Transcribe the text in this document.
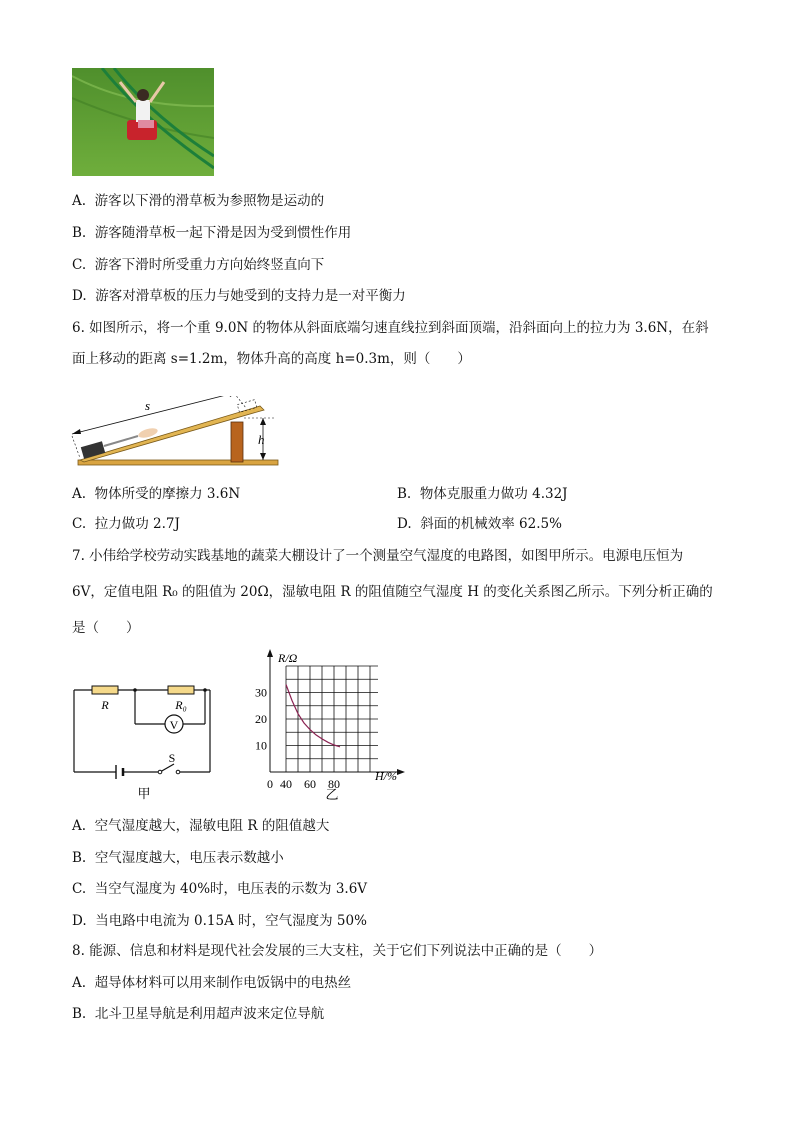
A. 游客以下滑的滑草板为参照物是运动的
B. 游客随滑草板一起下滑是因为受到惯性作用
C. 游客下滑时所受重力方向始终竖直向下
D. 游客对滑草板的压力与她受到的支持力是一对平衡力
6. 如图所示，将一个重 9.0N 的物体从斜面底端匀速直线拉到斜面顶端，沿斜面向上的拉力为 3.6N，在斜
面上移动的距离 s=1.2m，物体升高的高度 h=0.3m，则（　　）
s
h
A. 物体所受的摩擦力 3.6N	B. 物体克服重力做功 4.32J
C. 拉力做功 2.7J	D. 斜面的机械效率 62.5%
7. 小伟给学校劳动实践基地的蔬菜大棚设计了一个测量空气湿度的电路图，如图甲所示。电源电压恒为
6V，定值电阻 R₀ 的阻值为 20Ω，湿敏电阻 R 的阻值随空气湿度 H 的变化关系图乙所示。下列分析正确的
是（　　）
V
R	R₀
S
甲
10
20
30
0 40 60 80
R/Ω
H/%
乙
A. 空气湿度越大，湿敏电阻 R 的阻值越大
B. 空气湿度越大，电压表示数越小
C. 当空气湿度为 40%时，电压表的示数为 3.6V
D. 当电路中电流为 0.15A 时，空气湿度为 50%
8. 能源、信息和材料是现代社会发展的三大支柱，关于它们下列说法中正确的是（　　）
A. 超导体材料可以用来制作电饭锅中的电热丝
B. 北斗卫星导航是利用超声波来定位导航
